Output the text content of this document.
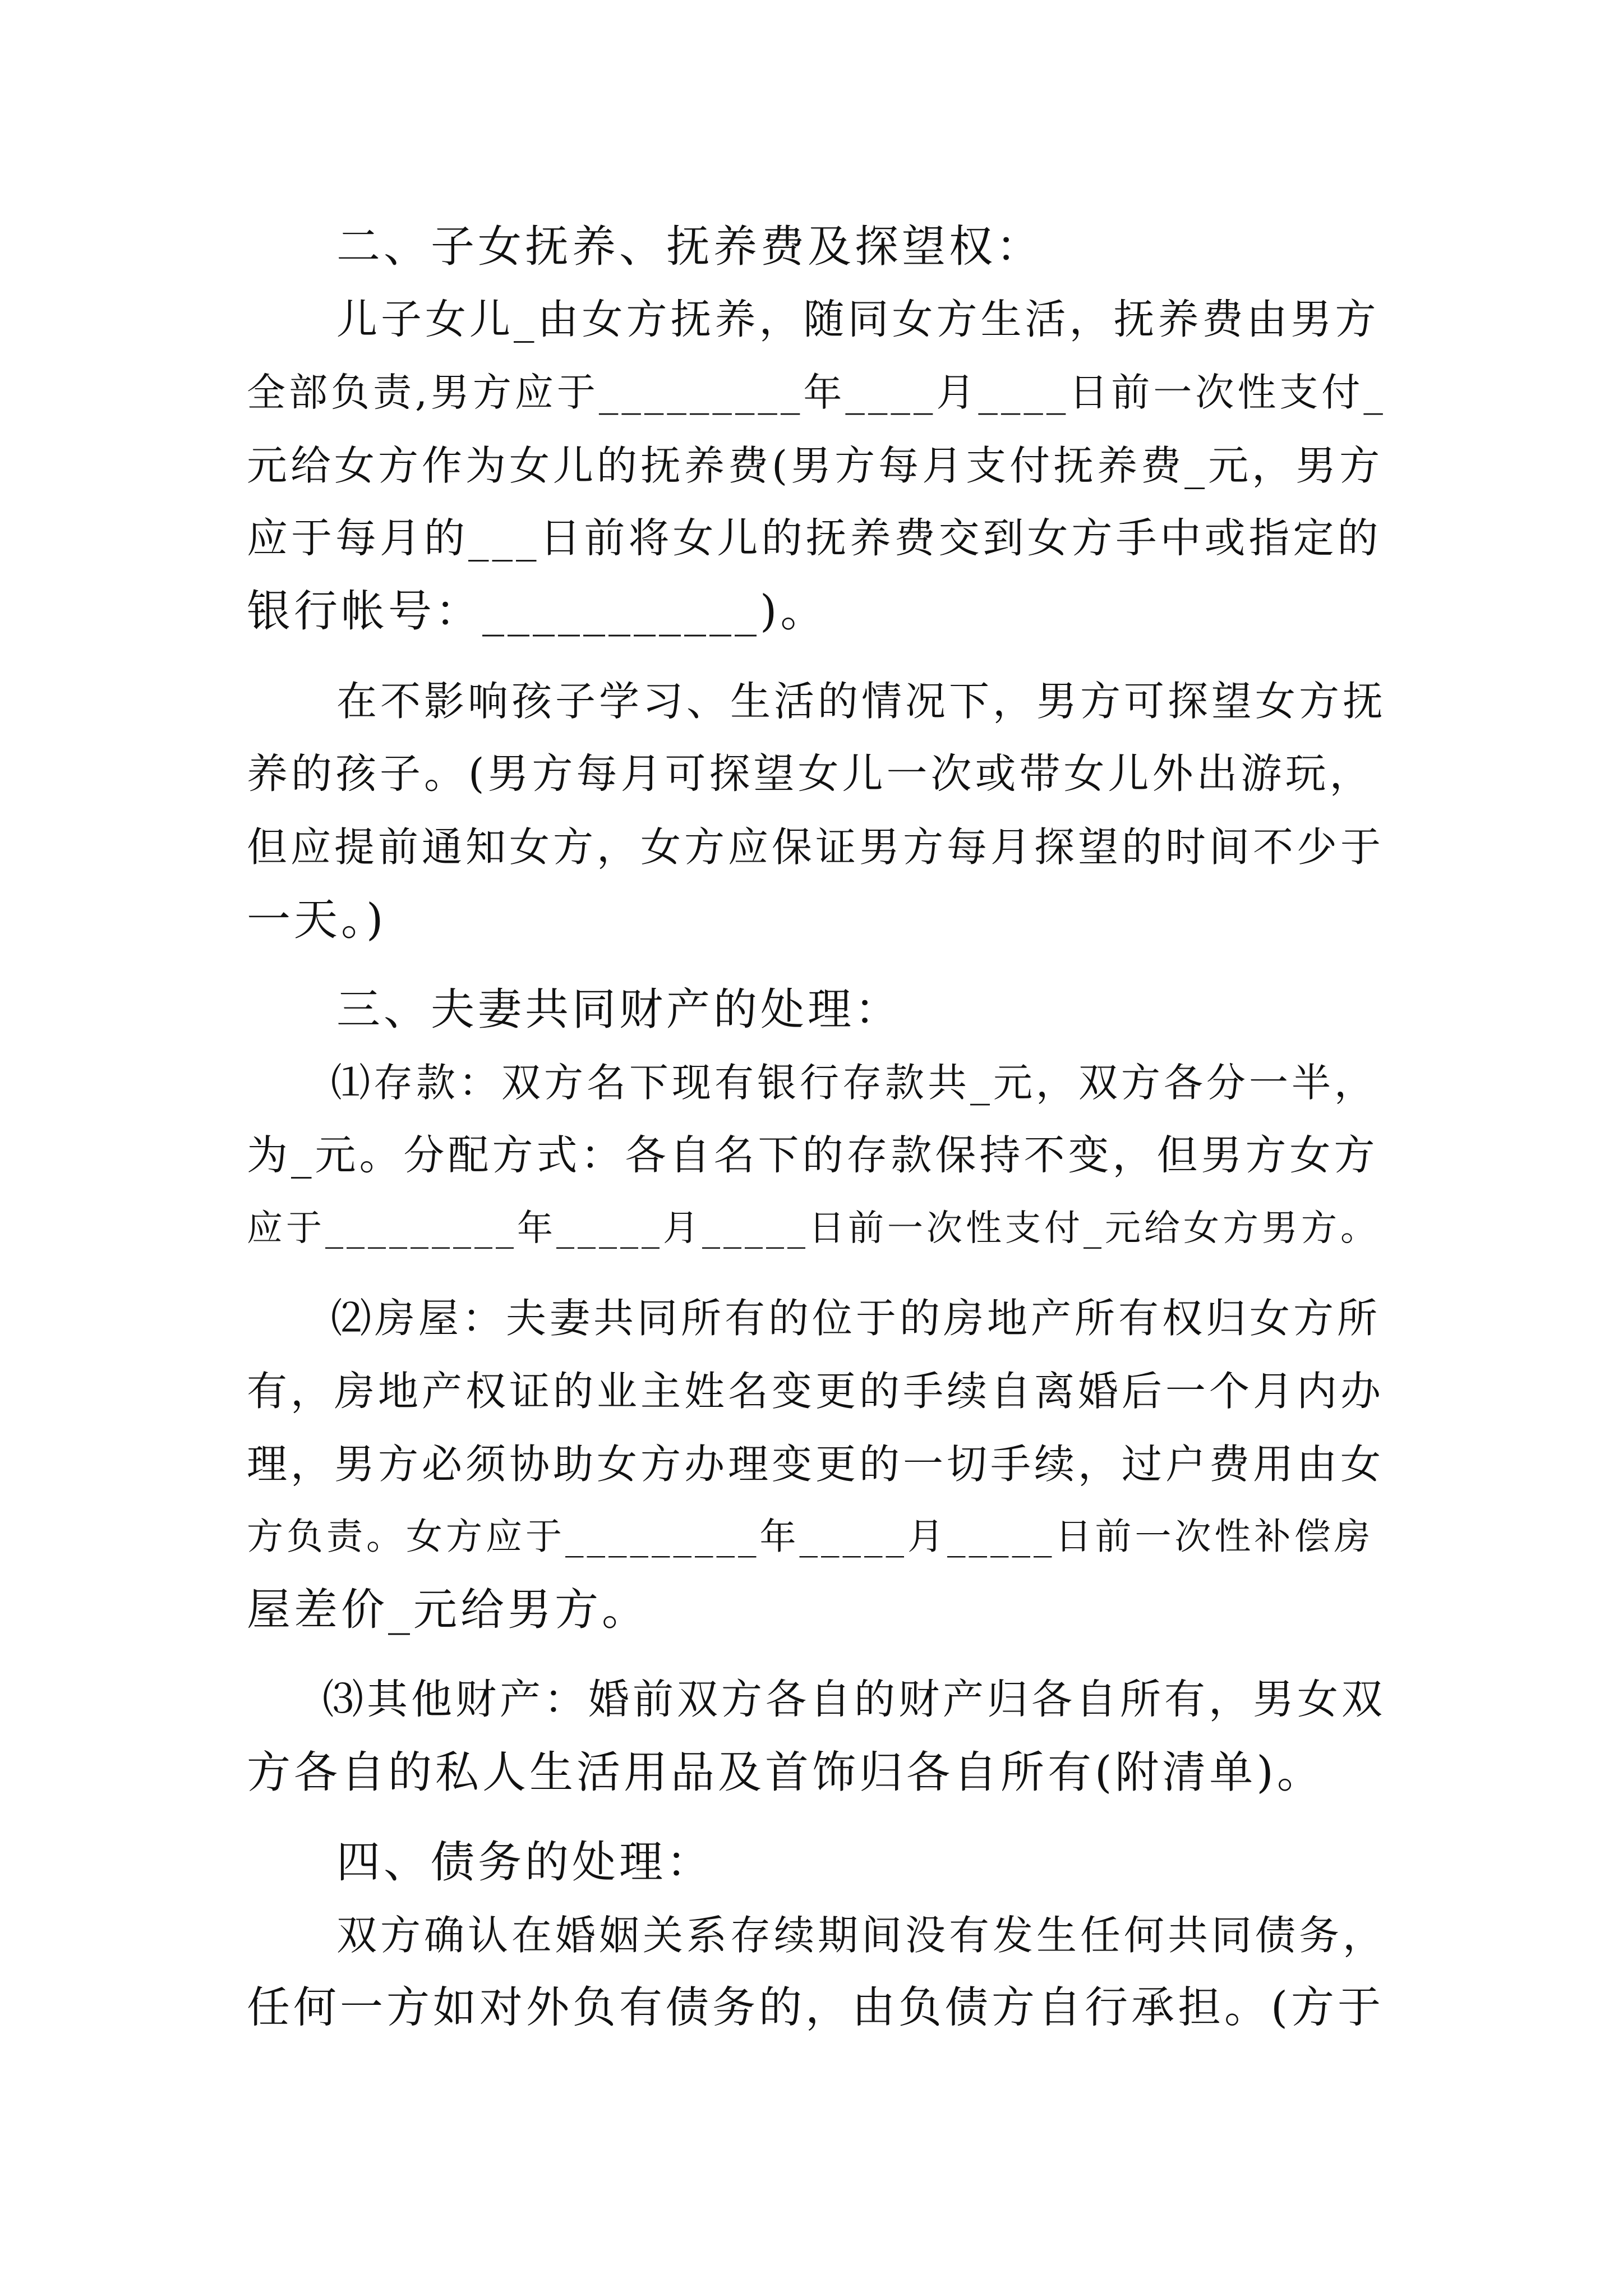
二、子女抚养、抚养费及探望权：
儿子女儿_由女方抚养，随同女方生活，抚养费由男方
全部负责,男方应于_________年____月____日前一次性支付_
元给女方作为女儿的抚养费(男方每月支付抚养费_元，男方
应于每月的___日前将女儿的抚养费交到女方手中或指定的
银行帐号：___________)。
在不影响孩子学习、生活的情况下，男方可探望女方抚
养的孩子。(男方每月可探望女儿一次或带女儿外出游玩，
但应提前通知女方，女方应保证男方每月探望的时间不少于
一天。)
三、夫妻共同财产的处理：
⑴存款：双方名下现有银行存款共_元，双方各分一半，
为_元。分配方式：各自名下的存款保持不变，但男方女方
应于_________年_____月_____日前一次性支付_元给女方男方。
⑵房屋：夫妻共同所有的位于的房地产所有权归女方所
有，房地产权证的业主姓名变更的手续自离婚后一个月内办
理，男方必须协助女方办理变更的一切手续，过户费用由女
方负责。女方应于_________年_____月_____日前一次性补偿房
屋差价_元给男方。
⑶其他财产：婚前双方各自的财产归各自所有，男女双
方各自的私人生活用品及首饰归各自所有(附清单)。
四、债务的处理：
双方确认在婚姻关系存续期间没有发生任何共同债务，
任何一方如对外负有债务的，由负债方自行承担。(方于
